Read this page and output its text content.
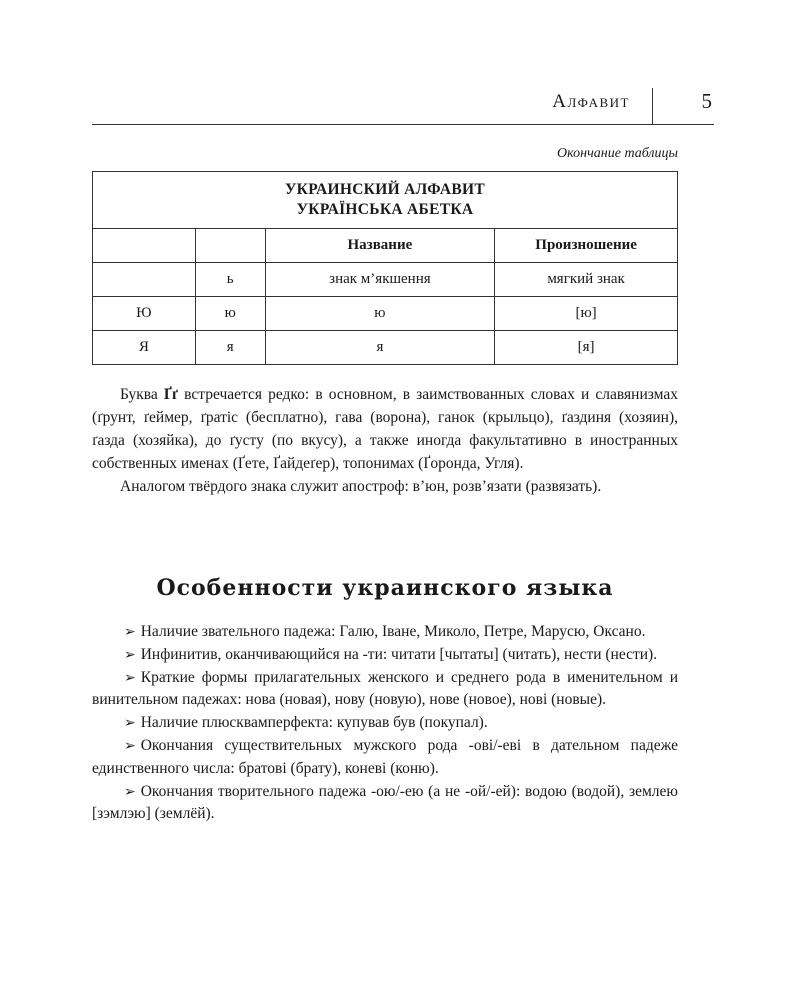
Алфавит	5
Окончание таблицы
УКРАИНСКИЙ АЛФАВИТ
УКРАЇНСЬКА АБЕТКА			

		Название	Произношение
	ь	знак м’якшення	мягкий знак
Ю	ю	ю	[ю]
Я	я	я	[я]

Буква Ґґ встречается редко: в основном, в заимствованных словах и славянизмах (ґрунт, ґеймер, ґратіс (бесплатно), гава (ворона), ганок (крыльцо), ґаздиня (хозяин), ґазда (хозяйка), до ґусту (по вкусу), а также иногда факультативно в иностранных собственных именах (Ґете, Ґайдеґер), топонимах (Ґоронда, Угля).

Аналогом твёрдого знака служит апостроф: в’юн, розв’язати (развязать).

Особенности украинского языка

➢ Наличие звательного падежа: Галю, Іване, Миколо, Петре, Марусю, Оксано.

➢ Инфинитив, оканчивающийся на -ти: читати [чытаты] (читать), нести (нести).

➢ Краткие формы прилагательных женского и среднего рода в именительном и винительном падежах: нова (новая), нову (новую), нове (новое), нові (новые).

➢ Наличие плюсквамперфекта: купував був (покупал).

➢ Окончания существительных мужского рода -ові/-еві в дательном падеже единственного числа: братові (брату), коневі (коню).

➢ Окончания творительного падежа -ою/-ею (а не -ой/-ей): водою (водой), землею [зэмлэю] (землёй).
